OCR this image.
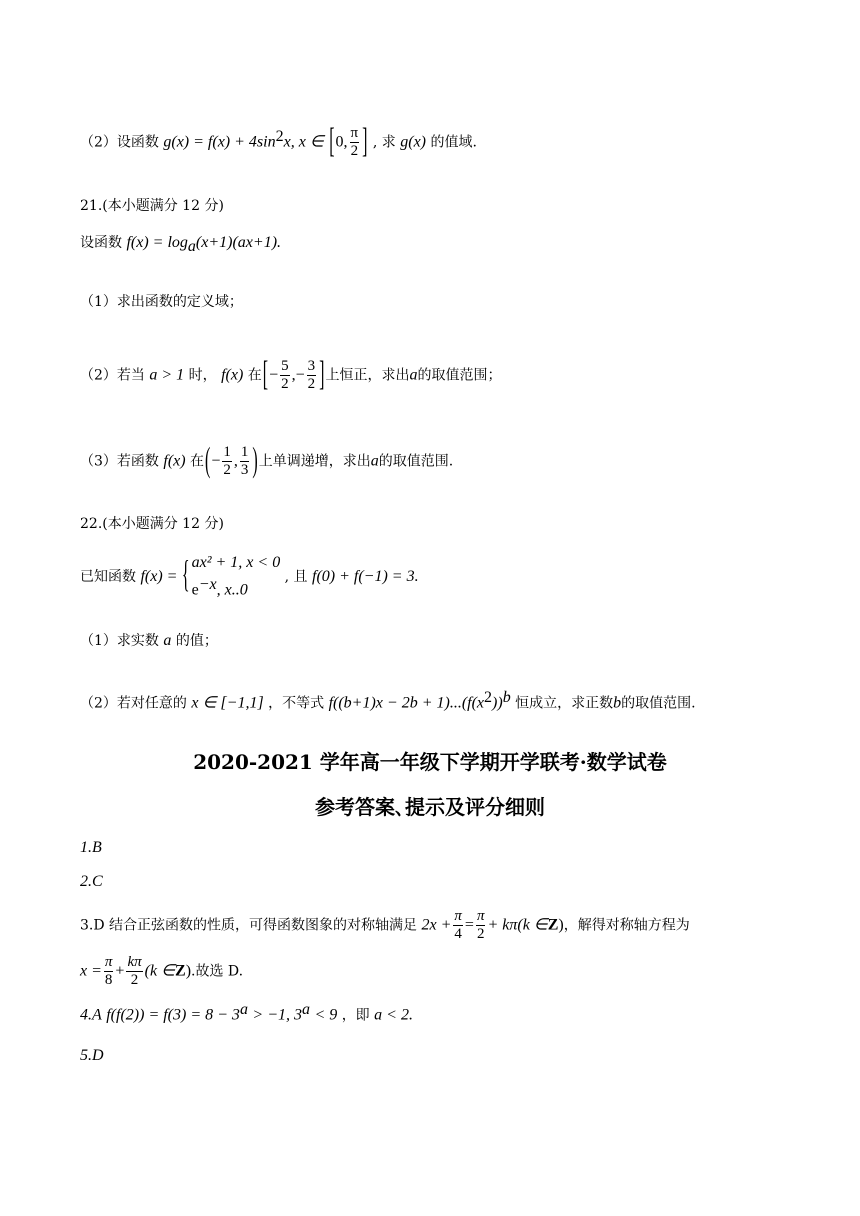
（2）设函数 $g(x) = f(x) + 4\sin^2x$, x ∈ [0, $\frac{\pi}{2}$ ] , 求 g(x) 的值域.
21.(本小题满分 12 分)
设函数 $f(x) = \log_a(x+1)(ax+1)$.
（1）求出函数的定义域；
（2）若当 a > 1 时， f(x) 在[− $\frac{5}{2}$ ,− $\frac{3}{2}$ ]上恒正，求出a的取值范围；
（3）若函数 f(x) 在(− $\frac{1}{2}$ , $\frac{1}{3}$ )上单调递增，求出a的取值范围.
22.(本小题满分 12 分)
已知函数 f(x) = { ax² + 1, x < 0
$e^{-x}$, x..0
, 且 f(0) + f(−1) = 3.
（1）求实数 a 的值；
（2）若对任意的 x ∈ [−1,1] ，不等式 $f((b+1)x - 2b + 1)...(f(x^2))^b$ 恒成立，求正数b的取值范围.
2020-2021 学年高一年级下学期开学联考·数学试卷
参考答案､提示及评分细则
1.B
2.C
3.D 结合正弦函数的性质，可得函数图象的对称轴满足 $2x + \frac{\pi}{4} = \frac{\pi}{2} + k\pi(k$ ∈Z)，解得对称轴方程为
$x = \frac{\pi}{8} + \frac{k\pi}{2} (k$ ∈Z).故选 D.
4.A $f(f(2)) = f(3) = 8 - 3^a > -1$, $3^a < 9$ ，即 a < 2.
5.D
